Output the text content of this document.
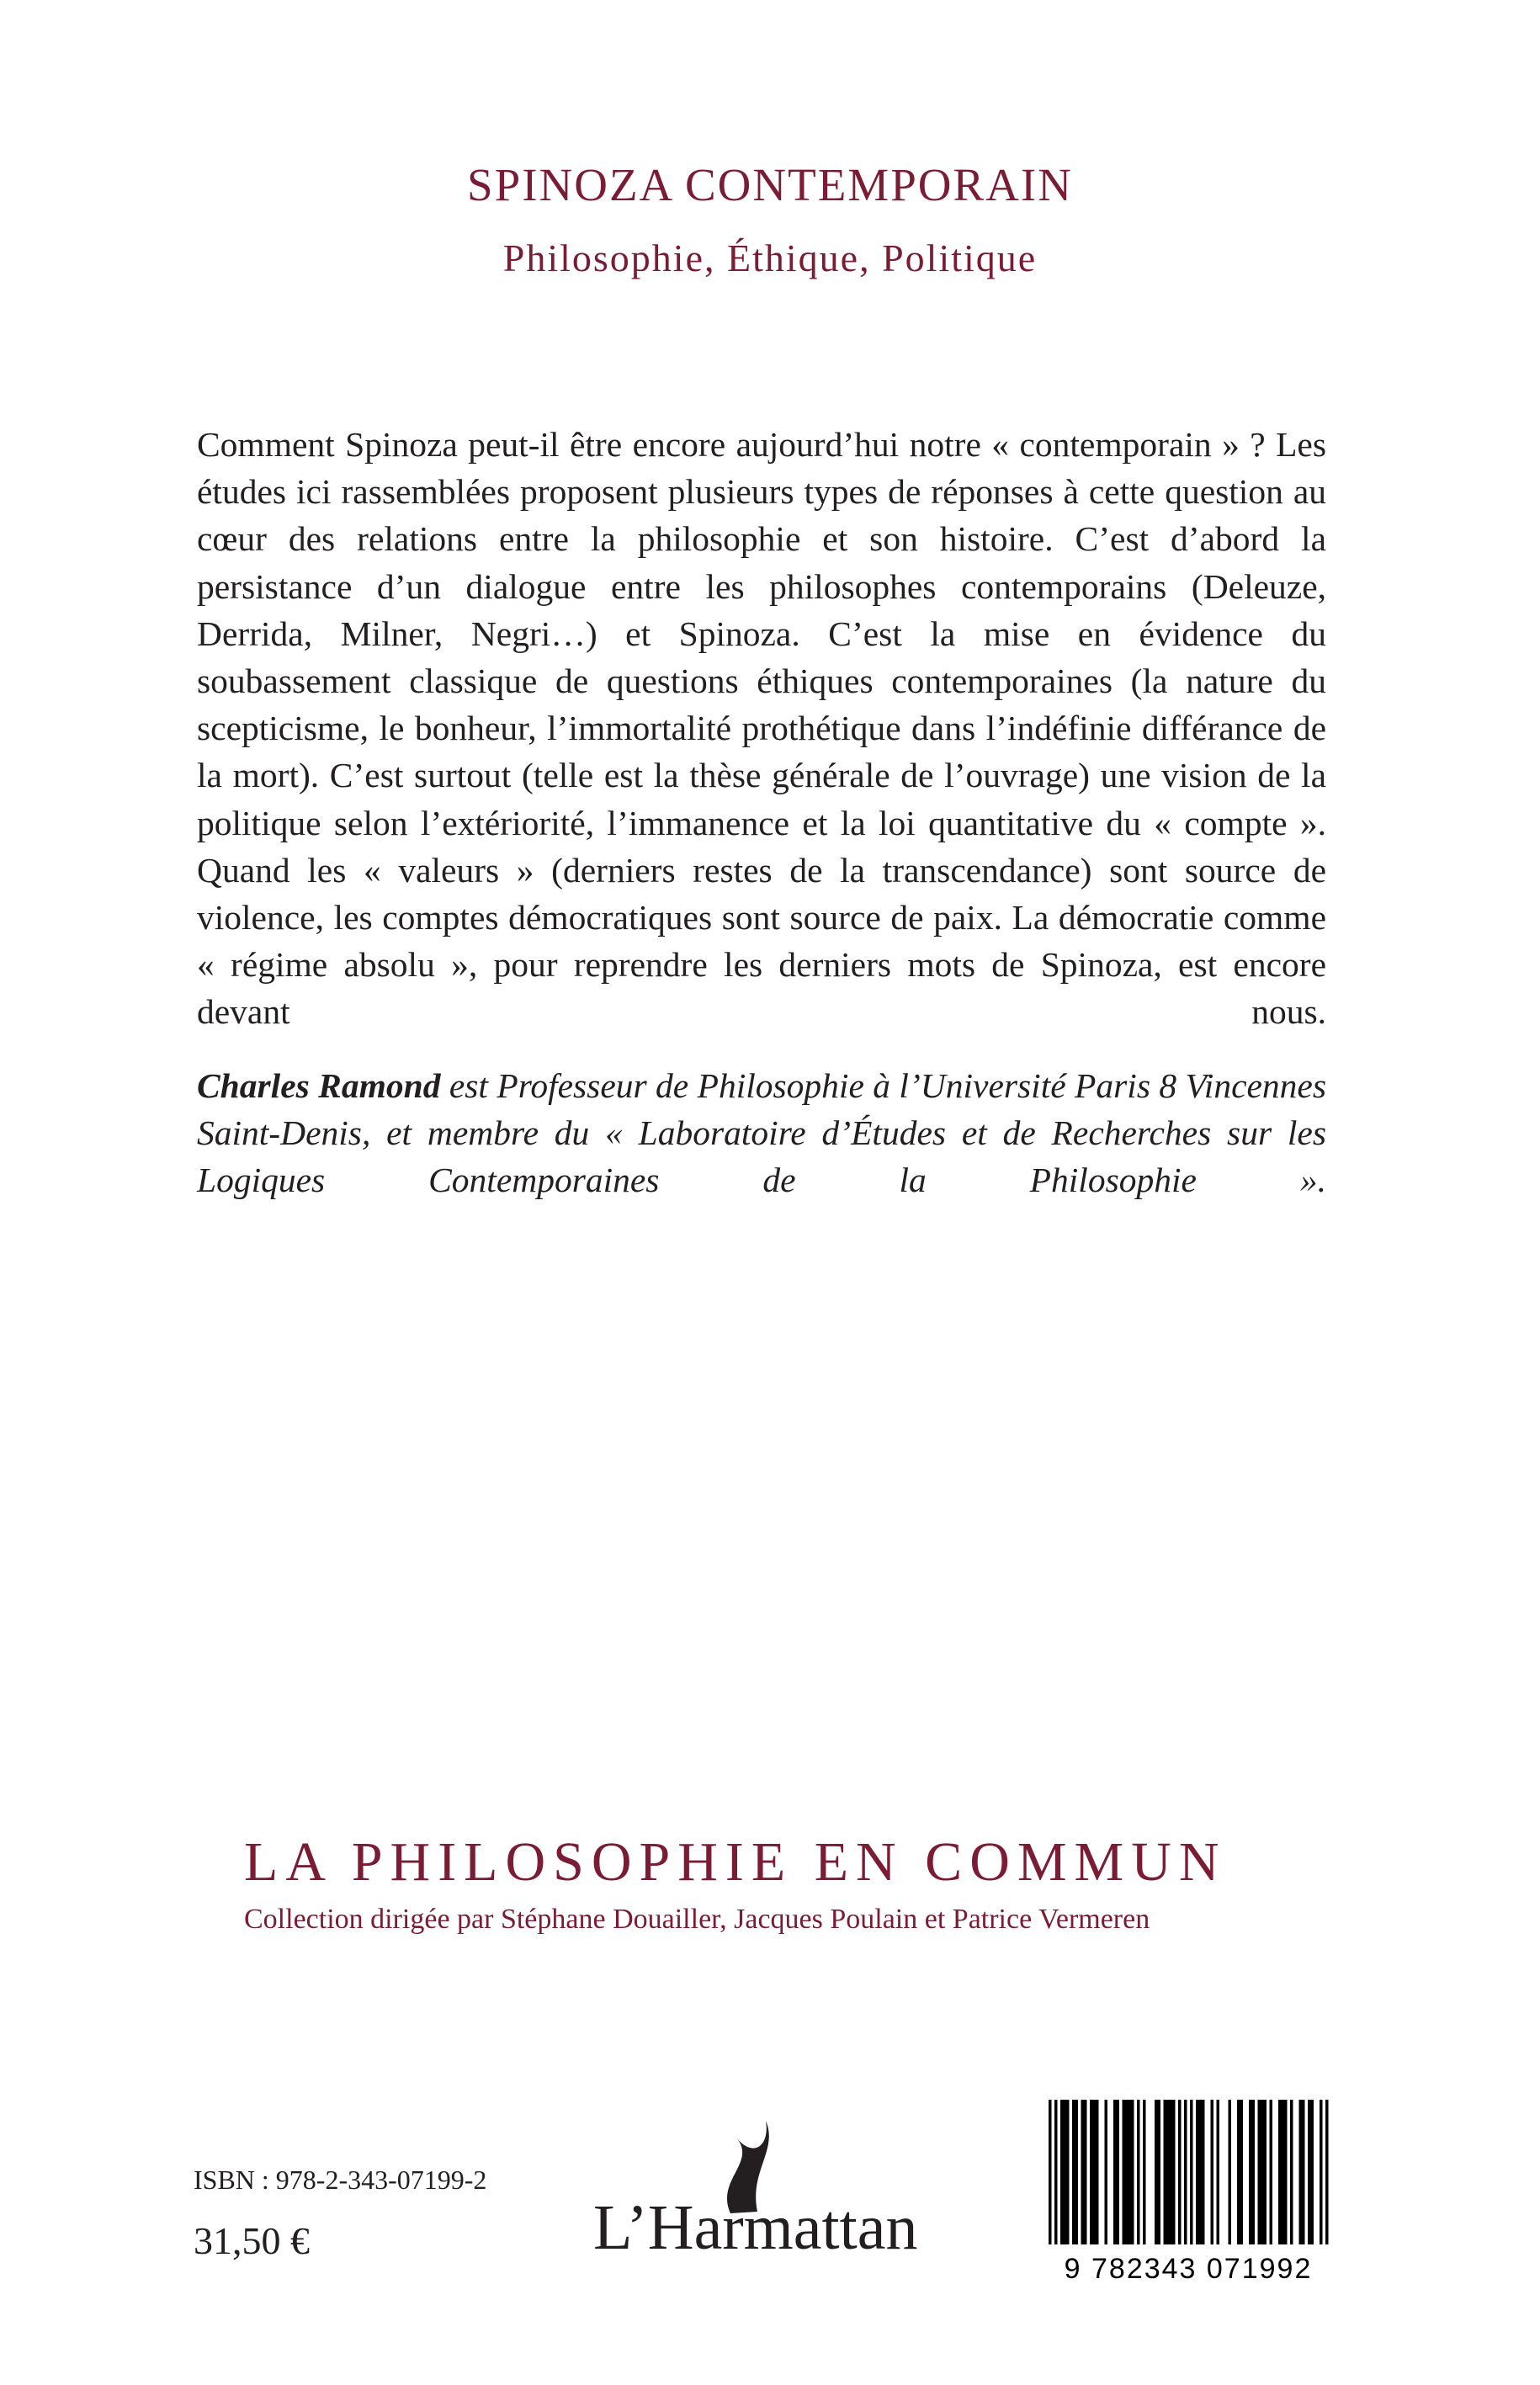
SPINOZA CONTEMPORAIN
Philosophie, Éthique, Politique

Comment Spinoza peut-il être encore aujourd’hui notre « contemporain » ? Les études ici rassemblées proposent plusieurs types de réponses à cette question au cœur des relations entre la philosophie et son histoire. C’est d’abord la persistance d’un dialogue entre les philosophes contemporains (Deleuze, Derrida, Milner, Negri…) et Spinoza. C’est la mise en évidence du soubassement classique de questions éthiques contemporaines (la nature du scepticisme, le bonheur, l’immortalité prothétique dans l’indéfinie différance de la mort). C’est surtout (telle est la thèse générale de l’ouvrage) une vision de la politique selon l’extériorité, l’immanence et la loi quantitative du « compte ». Quand les « valeurs » (derniers restes de la transcendance) sont source de violence, les comptes démocratiques sont source de paix. La démocratie comme « régime absolu », pour reprendre les derniers mots de Spinoza, est encore devant nous.

Charles Ramond est Professeur de Philosophie à l’Université Paris 8 Vincennes Saint-Denis, et membre du « Laboratoire d’Études et de Recherches sur les Logiques Contemporaines de la Philosophie ».

LA PHILOSOPHIE EN COMMUN
Collection dirigée par Stéphane Douailler, Jacques Poulain et Patrice Vermeren
ISBN : 978-2-343-07199-2
31,50 €	L’Harmattan
9 782343 071992
